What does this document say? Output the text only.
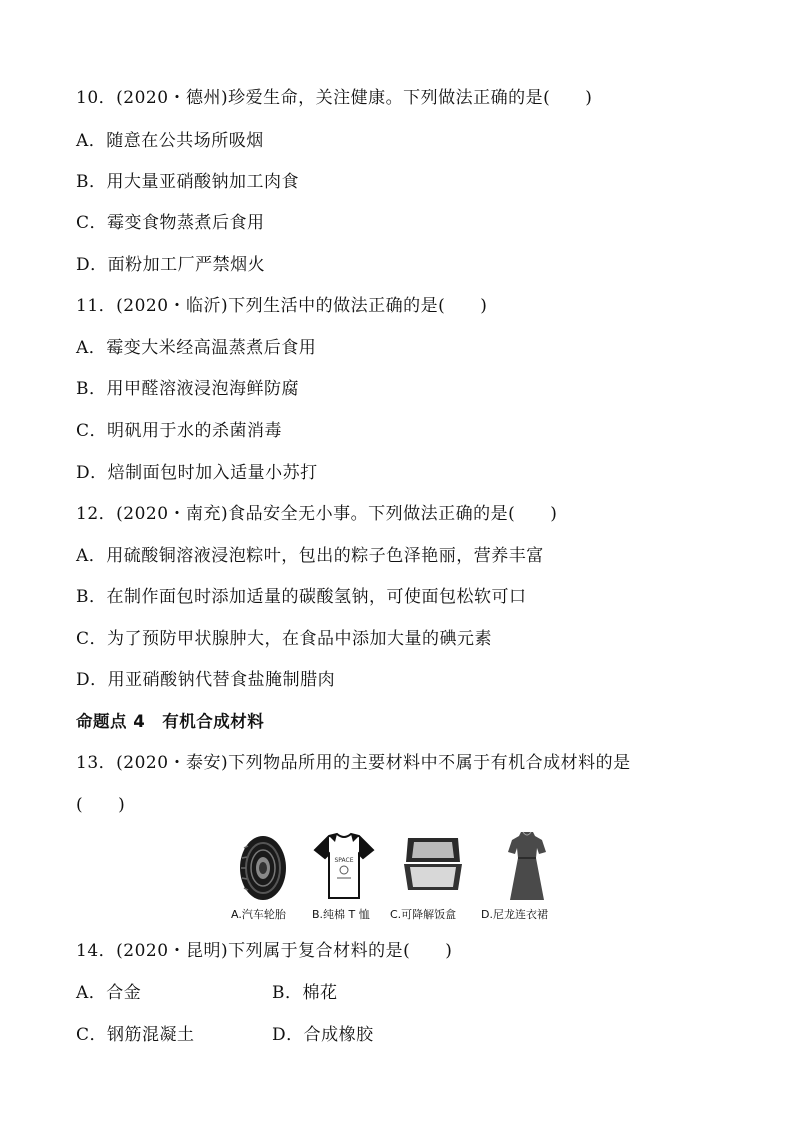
10．(2020・德州)珍爱生命，关注健康。下列做法正确的是(　　)
A．随意在公共场所吸烟
B．用大量亚硝酸钠加工肉食
C．霉变食物蒸煮后食用
D．面粉加工厂严禁烟火
11．(2020・临沂)下列生活中的做法正确的是(　　)
A．霉变大米经高温蒸煮后食用
B．用甲醛溶液浸泡海鲜防腐
C．明矾用于水的杀菌消毒
D．焙制面包时加入适量小苏打
12．(2020・南充)食品安全无小事。下列做法正确的是(　　)
A．用硫酸铜溶液浸泡粽叶，包出的粽子色泽艳丽，营养丰富
B．在制作面包时添加适量的碳酸氢钠，可使面包松软可口
C．为了预防甲状腺肿大，在食品中添加大量的碘元素
D．用亚硝酸钠代替食盐腌制腊肉
命题点 4　有机合成材料
13．(2020・泰安)下列物品所用的主要材料中不属于有机合成材料的是
(　　)
SPACE
A.汽车轮胎	B.纯棉 T 恤	C.可降解饭盒	D.尼龙连衣裙
14．(2020・昆明)下列属于复合材料的是(　　)
A．合金	B．棉花
C．钢筋混凝土	D．合成橡胶
